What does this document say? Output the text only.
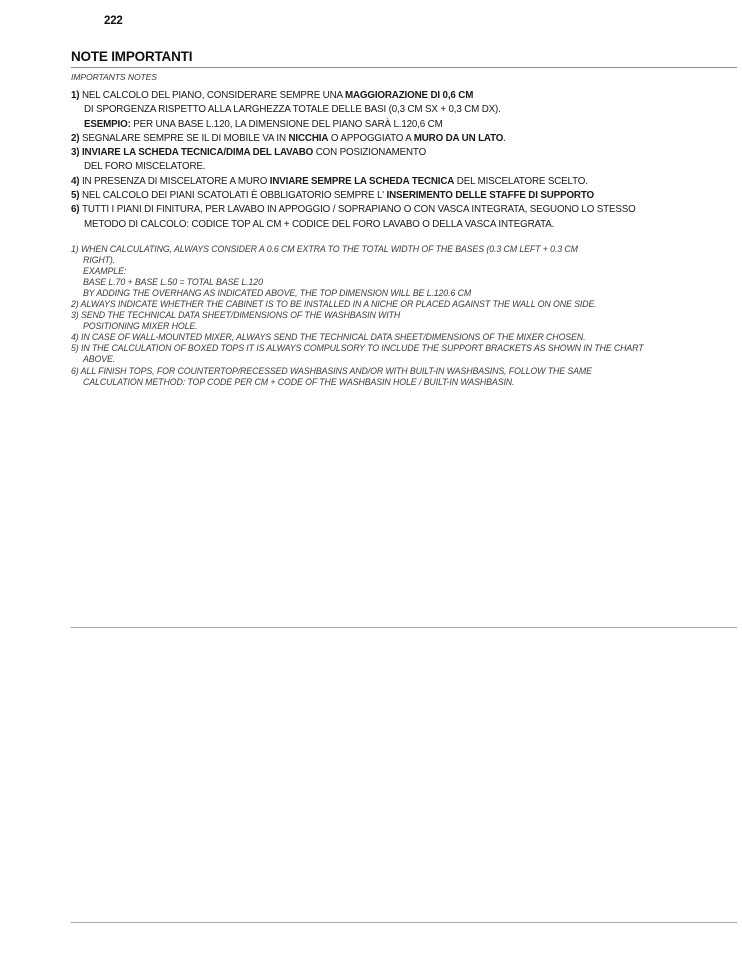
222
NOTE IMPORTANTI
IMPORTANTS NOTES
1) NEL CALCOLO DEL PIANO, CONSIDERARE SEMPRE UNA MAGGIORAZIONE DI 0,6 CM
DI SPORGENZA RISPETTO ALLA LARGHEZZA TOTALE DELLE BASI (0,3 CM SX + 0,3 CM DX).
ESEMPIO: PER UNA BASE L.120, LA DIMENSIONE DEL PIANO SARÀ L.120,6 CM
2) SEGNALARE SEMPRE SE IL DI MOBILE VA IN NICCHIA O APPOGGIATO A MURO DA UN LATO.
3) INVIARE LA SCHEDA TECNICA/DIMA DEL LAVABO CON POSIZIONAMENTO
DEL FORO MISCELATORE.
4) IN PRESENZA DI MISCELATORE A MURO INVIARE SEMPRE LA SCHEDA TECNICA DEL MISCELATORE SCELTO.
5) NEL CALCOLO DEI PIANI SCATOLATI È OBBLIGATORIO SEMPRE L' INSERIMENTO DELLE STAFFE DI SUPPORTO
6) TUTTI I PIANI DI FINITURA, PER LAVABO IN APPOGGIO / SOPRAPIANO O CON VASCA INTEGRATA, SEGUONO LO STESSO
METODO DI CALCOLO: CODICE TOP AL CM + CODICE DEL FORO LAVABO O DELLA VASCA INTEGRATA.
1) WHEN CALCULATING, ALWAYS CONSIDER A 0.6 CM EXTRA TO THE TOTAL WIDTH OF THE BASES (0.3 CM LEFT + 0.3 CM
RIGHT).
EXAMPLE:
BASE L.70 + BASE L.50 = TOTAL BASE L.120
BY ADDING THE OVERHANG AS INDICATED ABOVE, THE TOP DIMENSION WILL BE L.120.6 CM
2) ALWAYS INDICATE WHETHER THE CABINET IS TO BE INSTALLED IN A NICHE OR PLACED AGAINST THE WALL ON ONE SIDE.
3) SEND THE TECHNICAL DATA SHEET/DIMENSIONS OF THE WASHBASIN WITH
POSITIONING MIXER HOLE.
4) IN CASE OF WALL-MOUNTED MIXER, ALWAYS SEND THE TECHNICAL DATA SHEET/DIMENSIONS OF THE MIXER CHOSEN.
5) IN THE CALCULATION OF BOXED TOPS IT IS ALWAYS COMPULSORY TO INCLUDE THE SUPPORT BRACKETS AS SHOWN IN THE CHART
ABOVE.
6) ALL FINISH TOPS, FOR COUNTERTOP/RECESSED WASHBASINS AND/OR WITH BUILT-IN WASHBASINS, FOLLOW THE SAME
CALCULATION METHOD: TOP CODE PER CM + CODE OF THE WASHBASIN HOLE / BUILT-IN WASHBASIN.
